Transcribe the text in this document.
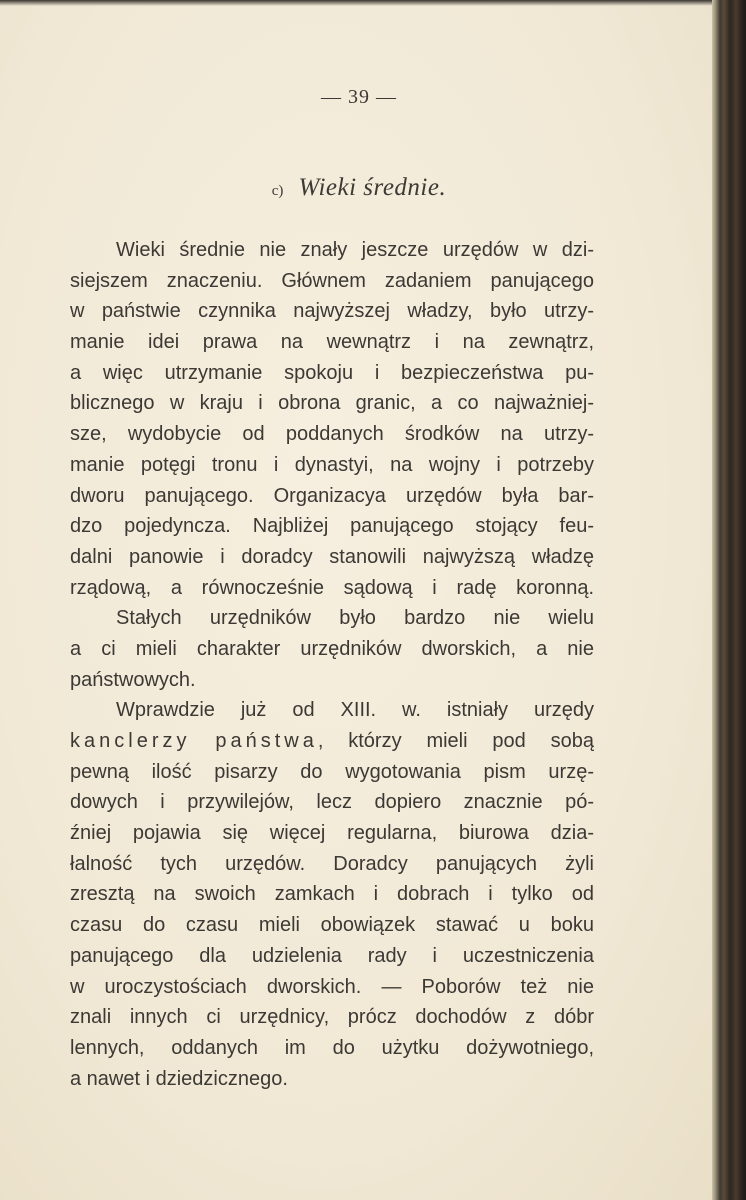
— 39 —
c) Wieki średnie.
Wieki średnie nie znały jeszcze urzędów w dzi-
siejszem znaczeniu. Głównem zadaniem panującego
w państwie czynnika najwyższej władzy, było utrzy-
manie idei prawa na wewnątrz i na zewnątrz,
a więc utrzymanie spokoju i bezpieczeństwa pu-
blicznego w kraju i obrona granic, a co najważniej-
sze, wydobycie od poddanych środków na utrzy-
manie potęgi tronu i dynastyi, na wojny i potrzeby
dworu panującego. Organizacya urzędów była bar-
dzo pojedyncza. Najbliżej panującego stojący feu-
dalni panowie i doradcy stanowili najwyższą władzę
rządową, a równocześnie sądową i radę koronną.
Stałych urzędników było bardzo nie wielu
a ci mieli charakter urzędników dworskich, a nie
państwowych.
Wprawdzie już od XIII. w. istniały urzędy
kanclerzy państwa, którzy mieli pod sobą
pewną ilość pisarzy do wygotowania pism urzę-
dowych i przywilejów, lecz dopiero znacznie pó-
źniej pojawia się więcej regularna, biurowa dzia-
łalność tych urzędów. Doradcy panujących żyli
zresztą na swoich zamkach i dobrach i tylko od
czasu do czasu mieli obowiązek stawać u boku
panującego dla udzielenia rady i uczestniczenia
w uroczystościach dworskich. — Poborów też nie
znali innych ci urzędnicy, prócz dochodów z dóbr
lennych, oddanych im do użytku dożywotniego,
a nawet i dziedzicznego.
